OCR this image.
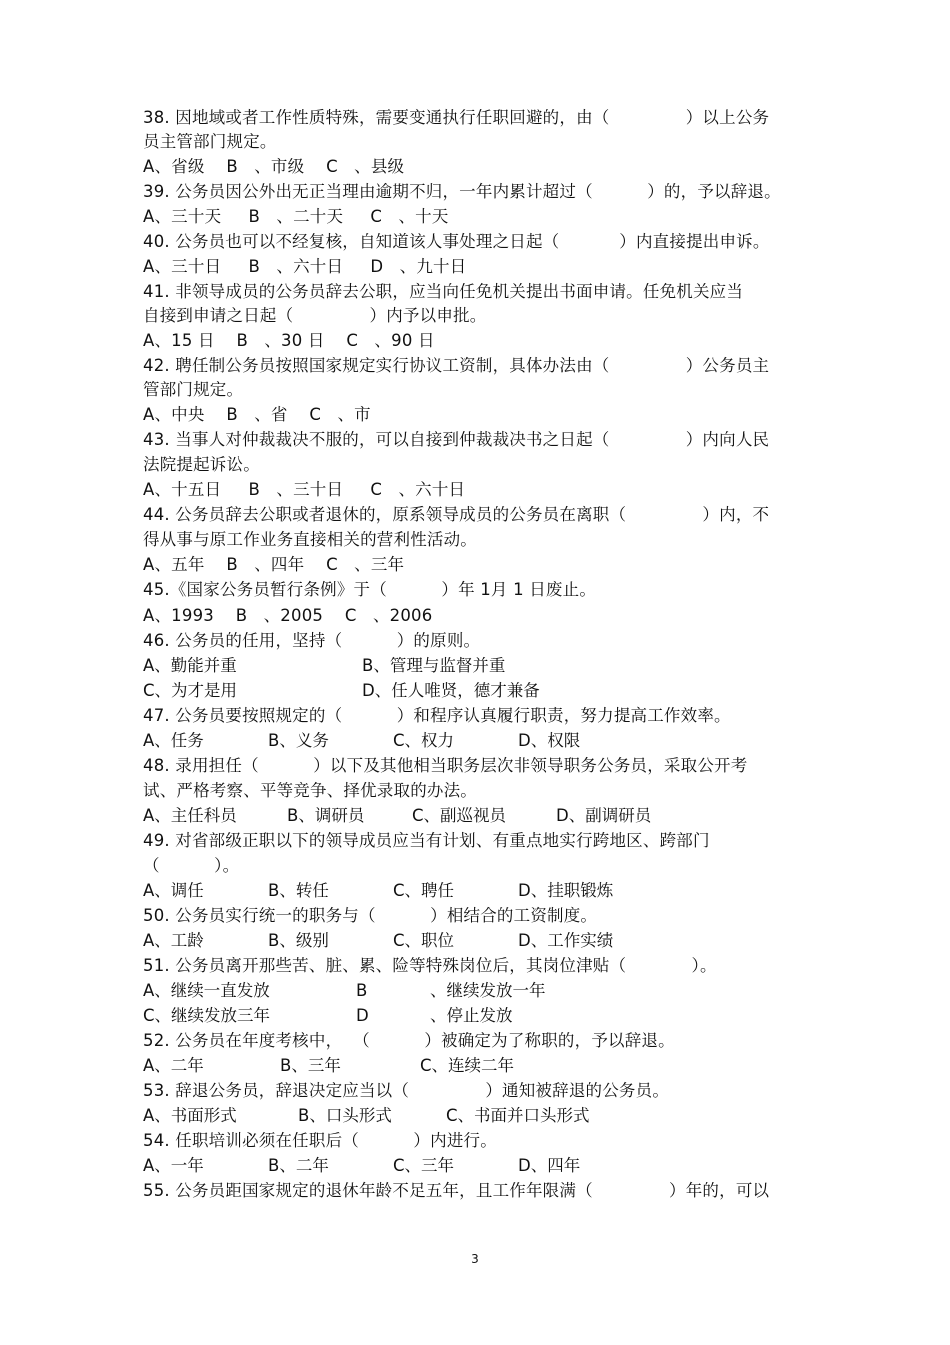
38. 因地域或者工作性质特殊，需要变通执行任职回避的，由（              ）以上公务
员主管部门规定。
A、省级    B   、市级    C   、县级
39. 公务员因公外出无正当理由逾期不归，一年内累计超过（          ）的，予以辞退。
A、三十天     B   、二十天     C   、十天
40. 公务员也可以不经复核，自知道该人事处理之日起（           ）内直接提出申诉。
A、三十日     B   、六十日     D   、九十日
41. 非领导成员的公务员辞去公职，应当向任免机关提出书面申请。任免机关应当
自接到申请之日起（              ）内予以申批。
A、15 日    B   、30 日    C   、90 日
42. 聘任制公务员按照国家规定实行协议工资制，具体办法由（              ）公务员主
管部门规定。
A、中央    B   、省    C   、市
43. 当事人对仲裁裁决不服的，可以自接到仲裁裁决书之日起（              ）内向人民
法院提起诉讼。
A、十五日     B   、三十日     C   、六十日
44. 公务员辞去公职或者退休的，原系领导成员的公务员在离职（              ）内，不
得从事与原工作业务直接相关的营利性活动。
A、五年    B   、四年    C   、三年
45.《国家公务员暂行条例》于（          ）年 1月 1 日废止。
A、1993    B   、2005    C   、2006
46. 公务员的任用，坚持（          ）的原则。
A、勤能并重	B、管理与监督并重
C、为才是用	D、任人唯贤，德才兼备
47. 公务员要按照规定的（          ）和程序认真履行职责，努力提高工作效率。
A、任务	B、义务	C、权力	D、权限
48. 录用担任（          ）以下及其他相当职务层次非领导职务公务员，采取公开考
试、严格考察、平等竞争、择优录取的办法。
A、主任科员	B、调研员	C、副巡视员	D、副调研员
49. 对省部级正职以下的领导成员应当有计划、有重点地实行跨地区、跨部门
（          ）。
A、调任	B、转任	C、聘任	D、挂职锻炼
50. 公务员实行统一的职务与（          ）相结合的工资制度。
A、工龄	B、级别	C、职位	D、工作实绩
51. 公务员离开那些苦、脏、累、险等特殊岗位后，其岗位津贴（            ）。
A、继续一直发放	B	、继续发放一年
C、继续发放三年	D	、停止发放
52. 公务员在年度考核中，  （          ）被确定为了称职的，予以辞退。
A、二年	B、三年	C、连续二年
53. 辞退公务员，辞退决定应当以（              ）通知被辞退的公务员。
A、书面形式	B、口头形式	C、书面并口头形式
54. 任职培训必须在任职后（          ）内进行。
A、一年	B、二年	C、三年	D、四年
55. 公务员距国家规定的退休年龄不足五年，且工作年限满（              ）年的，可以
3
